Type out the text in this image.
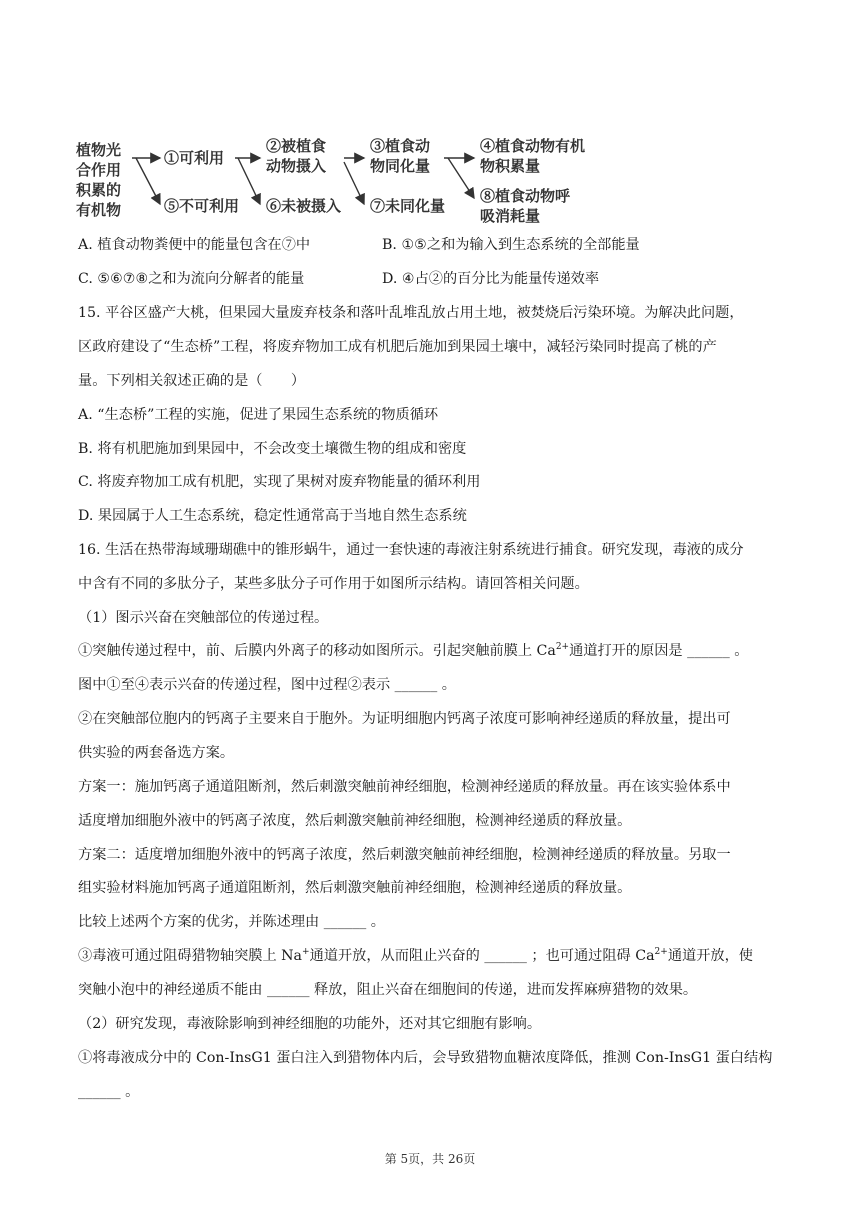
植物光
合作用
积累的
有机物
①可利用
⑤不可利用
②被植食
动物摄入
⑥未被摄入
③植食动
物同化量
⑦未同化量
④植食动物有机
物积累量
⑧植食动物呼
吸消耗量
A. 植食动物粪便中的能量包含在⑦中	B. ①⑤之和为输入到生态系统的全部能量
C. ⑤⑥⑦⑧之和为流向分解者的能量	D. ④占②的百分比为能量传递效率
15. 平谷区盛产大桃，但果园大量废弃枝条和落叶乱堆乱放占用土地，被焚烧后污染环境。为解决此问题，
区政府建设了“生态桥”工程，将废弃物加工成有机肥后施加到果园土壤中，减轻污染同时提高了桃的产
量。下列相关叙述正确的是（　　）
A. “生态桥”工程的实施，促进了果园生态系统的物质循环
B. 将有机肥施加到果园中，不会改变土壤微生物的组成和密度
C. 将废弃物加工成有机肥，实现了果树对废弃物能量的循环利用
D. 果园属于人工生态系统，稳定性通常高于当地自然生态系统
16. 生活在热带海域珊瑚礁中的锥形蜗牛，通过一套快速的毒液注射系统进行捕食。研究发现，毒液的成分
中含有不同的多肽分子，某些多肽分子可作用于如图所示结构。请回答相关问题。
（1）图示兴奋在突触部位的传递过程。
①突触传递过程中，前、后膜内外离子的移动如图所示。引起突触前膜上 $Ca^{2+}$通道打开的原因是 ______ 。
图中①至④表示兴奋的传递过程，图中过程②表示 ______ 。
②在突触部位胞内的钙离子主要来自于胞外。为证明细胞内钙离子浓度可影响神经递质的释放量，提出可
供实验的两套备选方案。
方案一：施加钙离子通道阻断剂，然后刺激突触前神经细胞，检测神经递质的释放量。再在该实验体系中
适度增加细胞外液中的钙离子浓度，然后刺激突触前神经细胞，检测神经递质的释放量。
方案二：适度增加细胞外液中的钙离子浓度，然后刺激突触前神经细胞，检测神经递质的释放量。另取一
组实验材料施加钙离子通道阻断剂，然后刺激突触前神经细胞，检测神经递质的释放量。
比较上述两个方案的优劣，并陈述理由 ______ 。
③毒液可通过阻碍猎物轴突膜上 Na+通道开放，从而阻止兴奋的 ______ ；也可通过阻碍 $Ca^{2+}$通道开放，使
突触小泡中的神经递质不能由 ______ 释放，阻止兴奋在细胞间的传递，进而发挥麻痹猎物的效果。
（2）研究发现，毒液除影响到神经细胞的功能外，还对其它细胞有影响。
①将毒液成分中的 Con-InsG1 蛋白注入到猎物体内后，会导致猎物血糖浓度降低，推测 Con-InsG1 蛋白结构
______ 。
第 5页，共 26页
